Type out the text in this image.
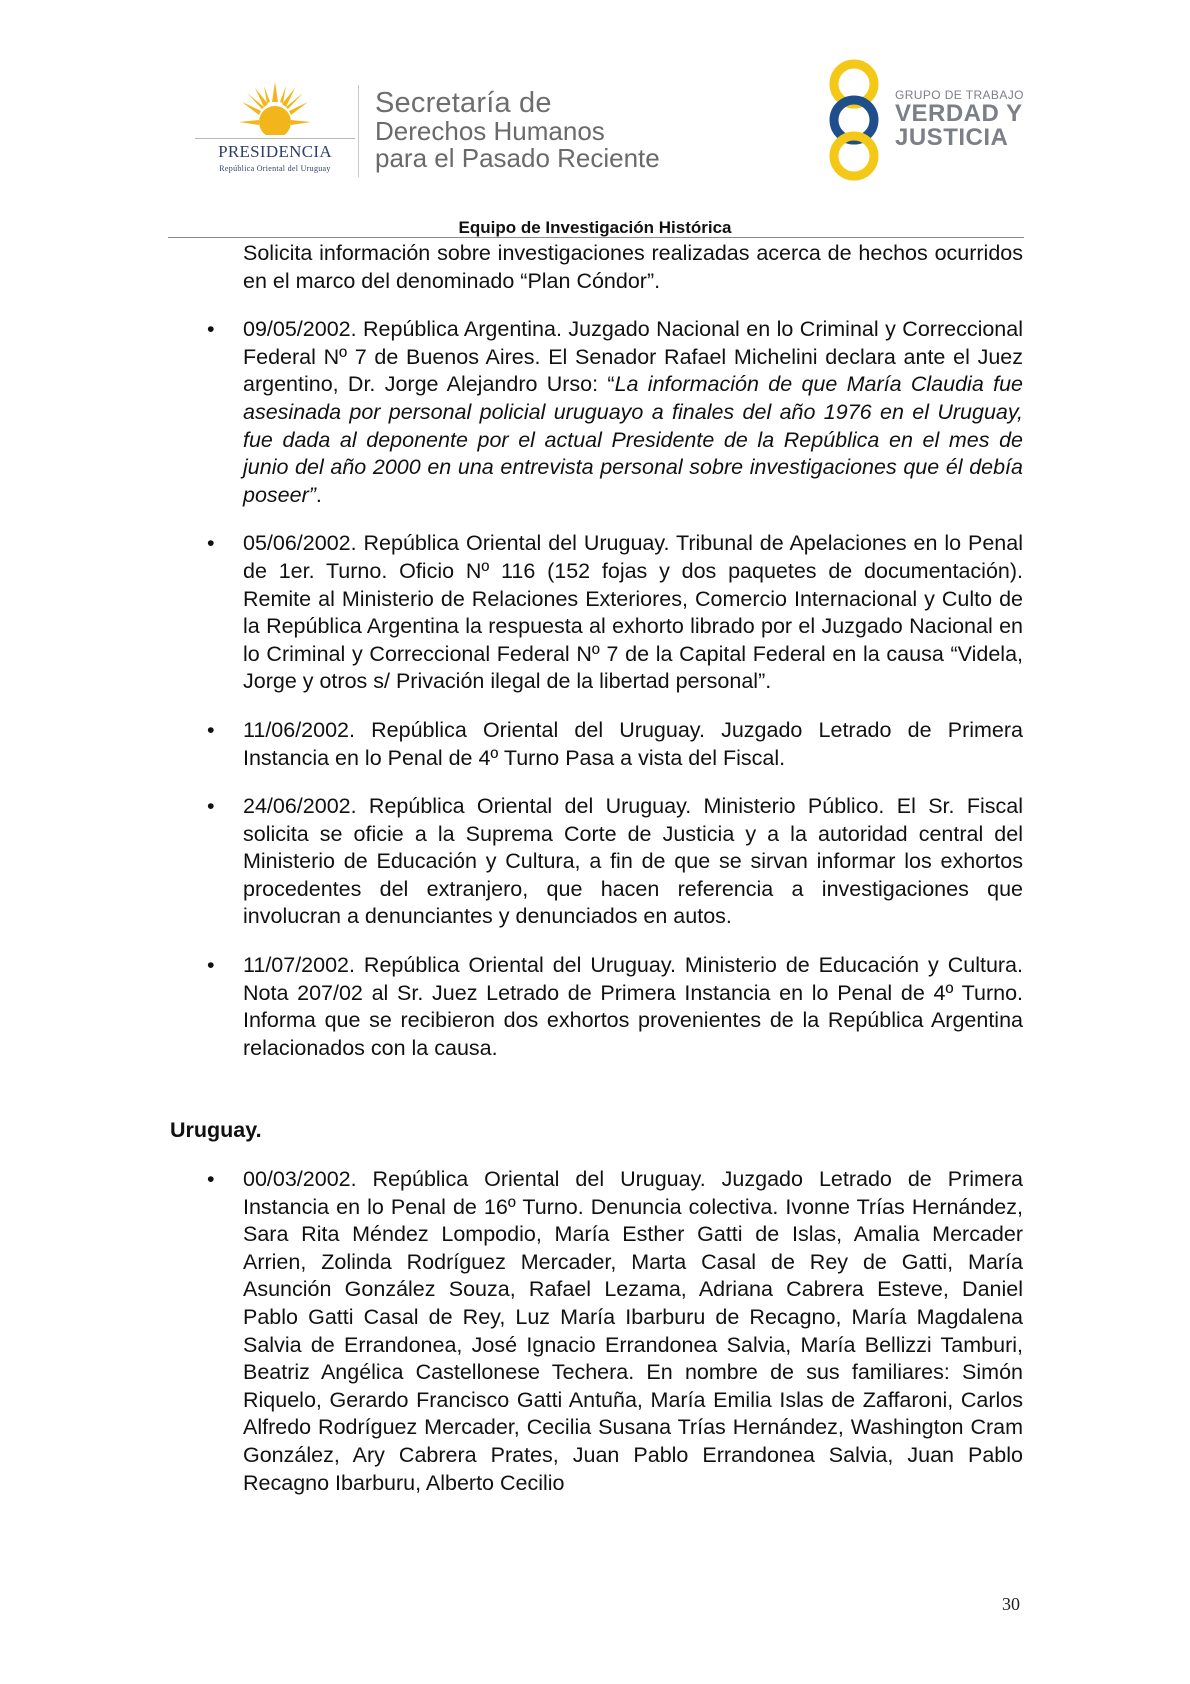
PRESIDENCIA
República Oriental del Uruguay
Secretaría de
Derechos Humanos
para el Pasado Reciente
GRUPO DE TRABAJO
VERDAD Y
JUSTICIA
Equipo de Investigación Histórica

Solicita información sobre investigaciones realizadas acerca de hechos ocurridos en el marco del denominado “Plan Cóndor”.

• 09/05/2002. República Argentina. Juzgado Nacional en lo Criminal y Correccional Federal Nº 7 de Buenos Aires. El Senador Rafael Michelini declara ante el Juez argentino, Dr. Jorge Alejandro Urso: “La información de que María Claudia fue asesinada por personal policial uruguayo a finales del año 1976 en el Uruguay, fue dada al deponente por el actual Presidente de la República en el mes de junio del año 2000 en una entrevista personal sobre investigaciones que él debía poseer”.

• 05/06/2002. República Oriental del Uruguay. Tribunal de Apelaciones en lo Penal de 1er. Turno. Oficio Nº 116 (152 fojas y dos paquetes de documentación). Remite al Ministerio de Relaciones Exteriores, Comercio Internacional y Culto de la República Argentina la respuesta al exhorto librado por el Juzgado Nacional en lo Criminal y Correccional Federal Nº 7 de la Capital Federal en la causa “Videla, Jorge y otros s/ Privación ilegal de la libertad personal”.

• 11/06/2002. República Oriental del Uruguay. Juzgado Letrado de Primera Instancia en lo Penal de 4º Turno Pasa a vista del Fiscal.

• 24/06/2002. República Oriental del Uruguay. Ministerio Público. El Sr. Fiscal solicita se oficie a la Suprema Corte de Justicia y a la autoridad central del Ministerio de Educación y Cultura, a fin de que se sirvan informar los exhortos procedentes del extranjero, que hacen referencia a investigaciones que involucran a denunciantes y denunciados en autos.

• 11/07/2002. República Oriental del Uruguay. Ministerio de Educación y Cultura. Nota 207/02 al Sr. Juez Letrado de Primera Instancia en lo Penal de 4º Turno. Informa que se recibieron dos exhortos provenientes de la República Argentina relacionados con la causa.

Uruguay.
• 00/03/2002. República Oriental del Uruguay. Juzgado Letrado de Primera Instancia en lo Penal de 16º Turno. Denuncia colectiva. Ivonne Trías Hernández, Sara Rita Méndez Lompodio, María Esther Gatti de Islas, Amalia Mercader Arrien, Zolinda Rodríguez Mercader, Marta Casal de Rey de Gatti, María Asunción González Souza, Rafael Lezama, Adriana Cabrera Esteve, Daniel Pablo Gatti Casal de Rey, Luz María Ibarburu de Recagno, María Magdalena Salvia de Errandonea, José Ignacio Errandonea Salvia, María Bellizzi Tamburi, Beatriz Angélica Castellonese Techera. En nombre de sus familiares: Simón Riquelo, Gerardo Francisco Gatti Antuña, María Emilia Islas de Zaffaroni, Carlos Alfredo Rodríguez Mercader, Cecilia Susana Trías Hernández, Washington Cram González, Ary Cabrera Prates, Juan Pablo Errandonea Salvia, Juan Pablo Recagno Ibarburu, Alberto Cecilio

30
